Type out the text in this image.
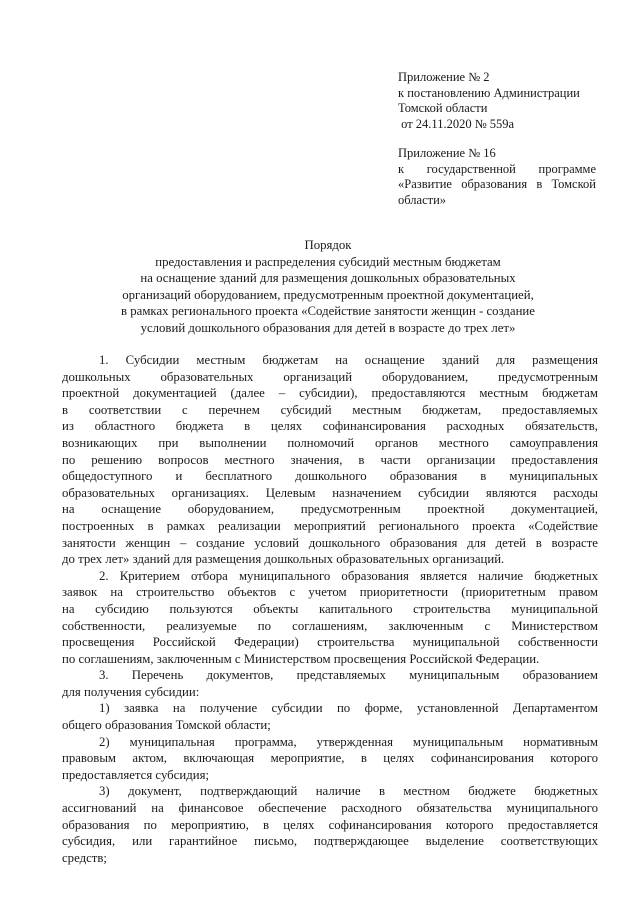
Приложение № 2
к постановлению Администрации
Томской области
от 24.11.2020 № 559а
Приложение № 16
к государственной программе
«Развитие образования в Томской
области»
Порядок
предоставления и распределения субсидий местным бюджетам
на оснащение зданий для размещения дошкольных образовательных
организаций оборудованием, предусмотренным проектной документацией,
в рамках регионального проекта «Содействие занятости женщин - создание
условий дошкольного образования для детей в возрасте до трех лет»
1. Субсидии местным бюджетам на оснащение зданий для размещения
дошкольных образовательных организаций оборудованием, предусмотренным
проектной документацией (далее – субсидии), предоставляются местным бюджетам
в соответствии с перечнем субсидий местным бюджетам, предоставляемых
из областного бюджета в целях софинансирования расходных обязательств,
возникающих при выполнении полномочий органов местного самоуправления
по решению вопросов местного значения, в части организации предоставления
общедоступного и бесплатного дошкольного образования в муниципальных
образовательных организациях. Целевым назначением субсидии являются расходы
на оснащение оборудованием, предусмотренным проектной документацией,
построенных в рамках реализации мероприятий регионального проекта «Содействие
занятости женщин – создание условий дошкольного образования для детей в возрасте
до трех лет» зданий для размещения дошкольных образовательных организаций.
2. Критерием отбора муниципального образования является наличие бюджетных
заявок на строительство объектов с учетом приоритетности (приоритетным правом
на субсидию пользуются объекты капитального строительства муниципальной
собственности, реализуемые по соглашениям, заключенным с Министерством
просвещения Российской Федерации) строительства муниципальной собственности
по соглашениям, заключенным с Министерством просвещения Российской Федерации.
3. Перечень документов, представляемых муниципальным образованием
для получения субсидии:
1) заявка на получение субсидии по форме, установленной Департаментом
общего образования Томской области;
2) муниципальная программа, утвержденная муниципальным нормативным
правовым актом, включающая мероприятие, в целях софинансирования которого
предоставляется субсидия;
3) документ, подтверждающий наличие в местном бюджете бюджетных
ассигнований на финансовое обеспечение расходного обязательства муниципального
образования по мероприятию, в целях софинансирования которого предоставляется
субсидия, или гарантийное письмо, подтверждающее выделение соответствующих
средств;
